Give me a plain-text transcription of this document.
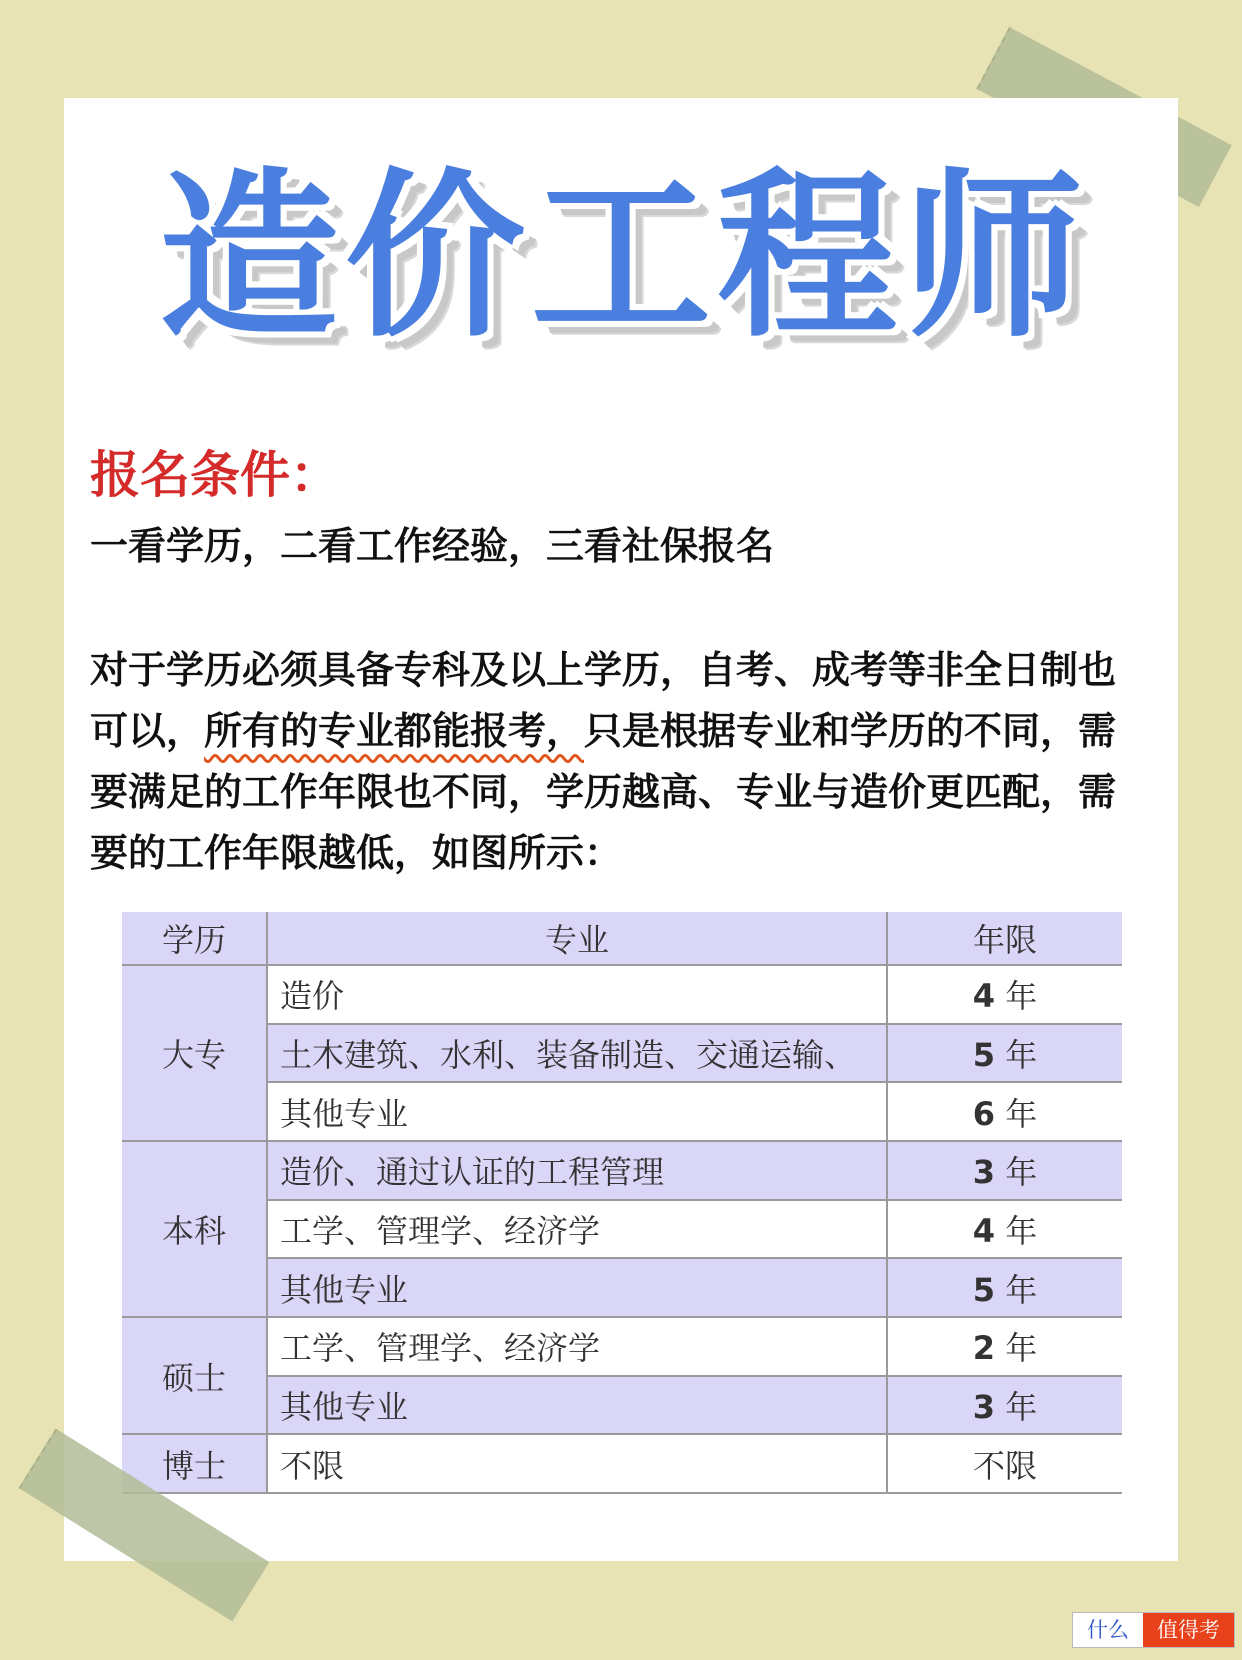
造价工程师
报名条件：
一看学历，二看工作经验，三看社保报名
对于学历必须具备专科及以上学历，自考、成考等非全日制也可以，所有的专业都能报考，只是根据专业和学历的不同，需要满足的工作年限也不同，学历越高、专业与造价更匹配，需要的工作年限越低，如图所示：
学历	专业	年限
大专	造价	4 年
	土木建筑、水利、装备制造、交通运输、	5 年
	其他专业	6 年
本科	造价、通过认证的工程管理	3 年
	工学、管理学、经济学	4 年
	其他专业	5 年
硕士	工学、管理学、经济学	2 年
	其他专业	3 年
博士	不限	不限
什么	值得考
